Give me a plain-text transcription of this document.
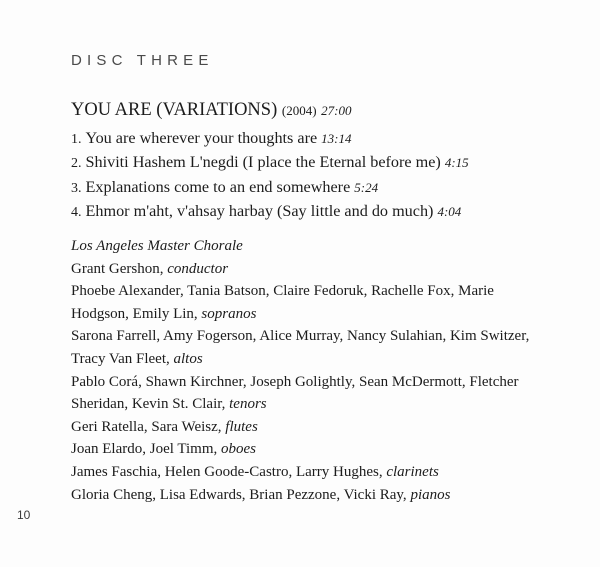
DISC THREE
YOU ARE (VARIATIONS) (2004) 27:00
1. You are wherever your thoughts are 13:14
2. Shiviti Hashem L'negdi (I place the Eternal before me) 4:15
3. Explanations come to an end somewhere 5:24
4. Ehmor m'aht, v'ahsay harbay (Say little and do much) 4:04
Los Angeles Master Chorale
Grant Gershon, conductor
Phoebe Alexander, Tania Batson, Claire Fedoruk, Rachelle Fox, Marie
Hodgson, Emily Lin, sopranos
Sarona Farrell, Amy Fogerson, Alice Murray, Nancy Sulahian, Kim Switzer,
Tracy Van Fleet, altos
Pablo Corá, Shawn Kirchner, Joseph Golightly, Sean McDermott, Fletcher
Sheridan, Kevin St. Clair, tenors
Geri Ratella, Sara Weisz, flutes
Joan Elardo, Joel Timm, oboes
James Faschia, Helen Goode-Castro, Larry Hughes, clarinets
Gloria Cheng, Lisa Edwards, Brian Pezzone, Vicki Ray, pianos
10
